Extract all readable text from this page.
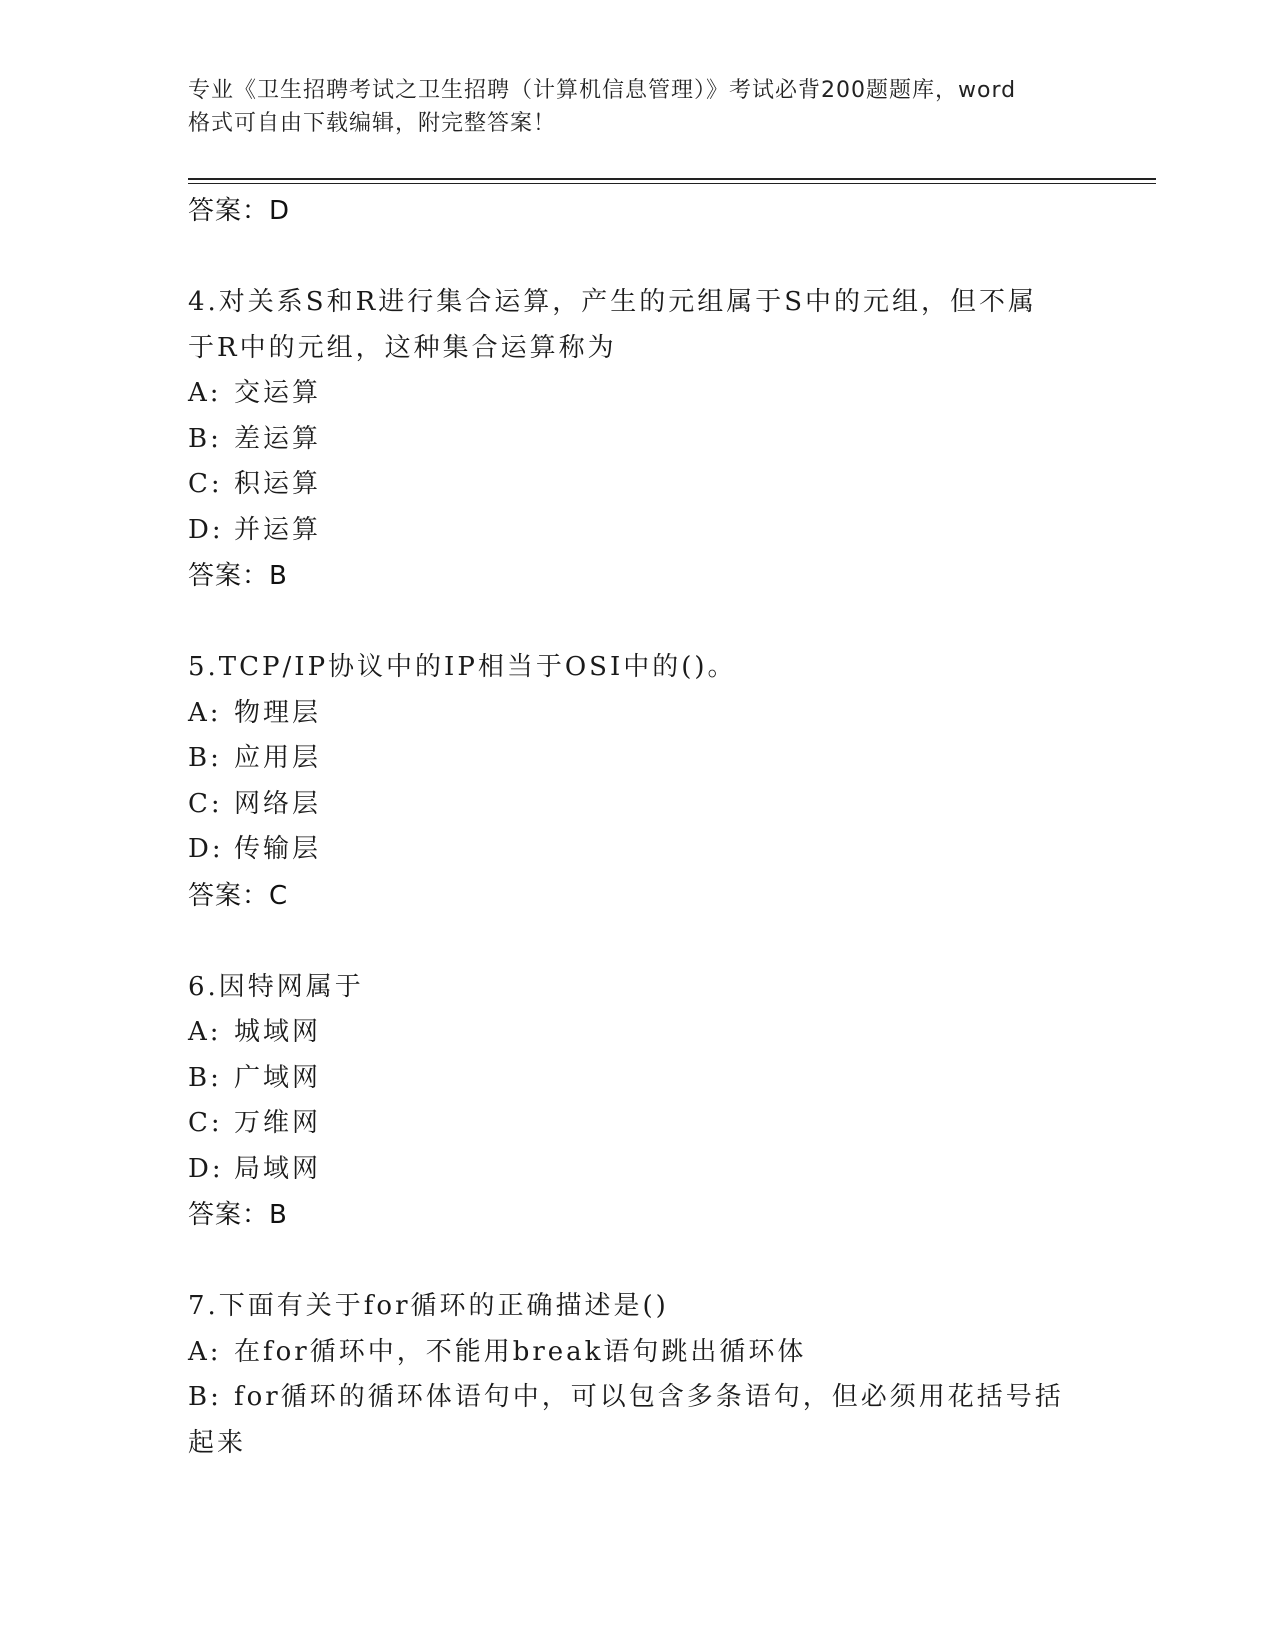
专业《卫生招聘考试之卫生招聘（计算机信息管理）》考试必背200题题库，word
格式可自由下载编辑，附完整答案！
答案：D
4.对关系S和R进行集合运算，产生的元组属于S中的元组，但不属
于R中的元组，这种集合运算称为
A: 交运算
B: 差运算
C: 积运算
D: 并运算
答案：B
5.TCP/IP协议中的IP相当于OSI中的()。
A: 物理层
B: 应用层
C: 网络层
D: 传输层
答案：C
6.因特网属于
A: 城域网
B: 广域网
C: 万维网
D: 局域网
答案：B
7.下面有关于for循环的正确描述是()
A: 在for循环中，不能用break语句跳出循环体
B: for循环的循环体语句中，可以包含多条语句，但必须用花括号括
起来
